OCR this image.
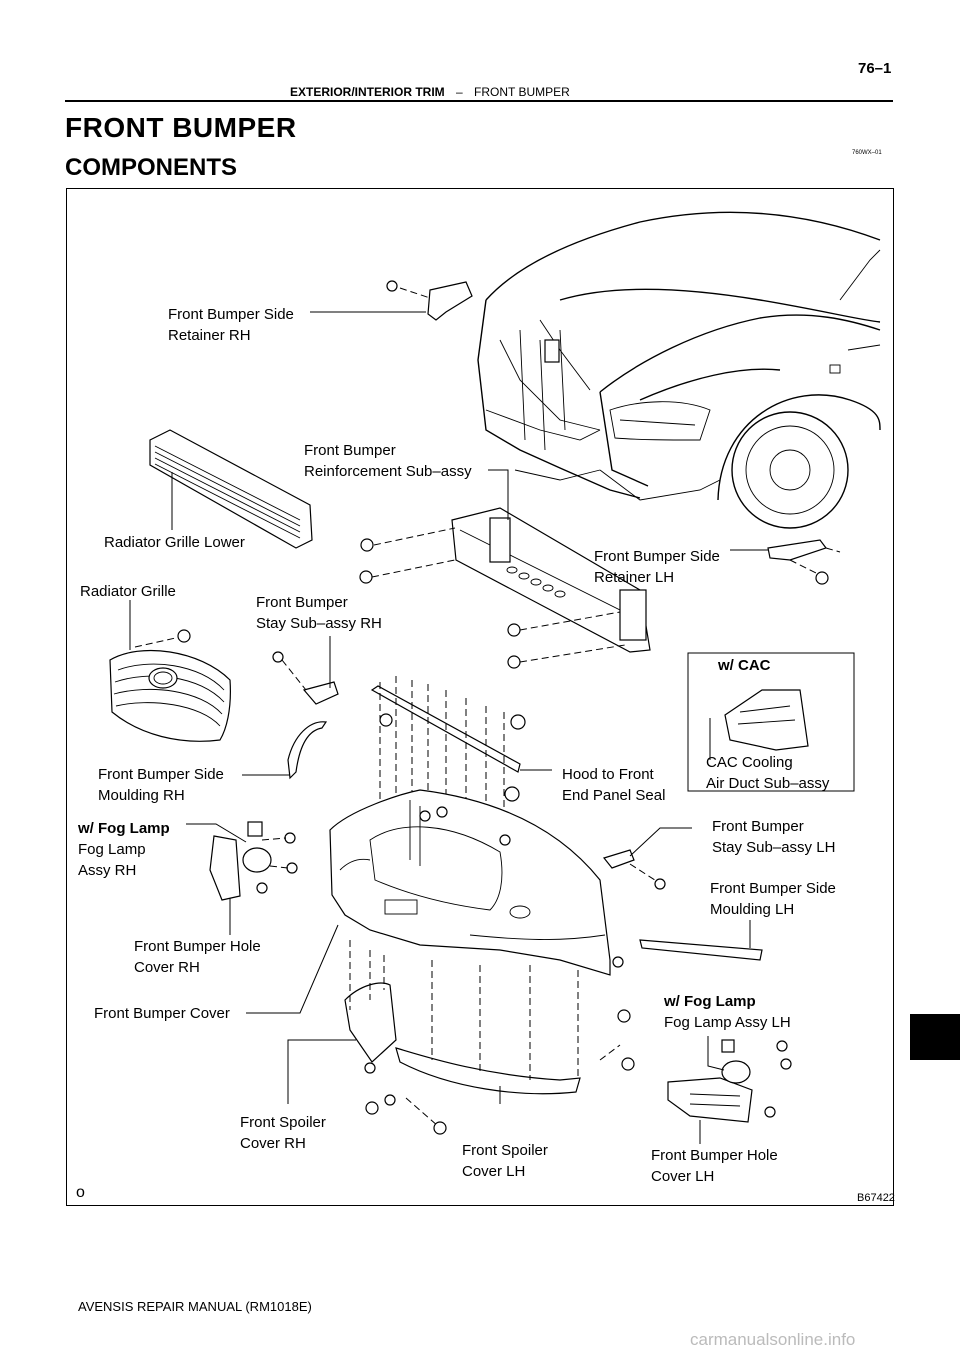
EXTERIOR/INTERIOR TRIM – FRONT BUMPER
76–1
FRONT BUMPER
COMPONENTS
760WX–01
Front Bumper Side
Retainer RH
Front Bumper
Reinforcement Sub–assy
Radiator Grille Lower
Front Bumper Side
Retainer LH
Radiator Grille
Front Bumper
Stay Sub–assy RH
w/ CAC
CAC Cooling
Air Duct Sub–assy
Front Bumper Side
Moulding RH
Hood to Front
End Panel Seal
w/ Fog Lamp
Fog Lamp
Assy RH
Front Bumper
Stay Sub–assy LH
Front Bumper Side
Moulding LH
Front Bumper Hole
Cover RH
w/ Fog Lamp
Fog Lamp Assy LH
Front Bumper Cover
Front Spoiler
Cover RH	Front Spoiler
Cover LH
Front Bumper Hole
Cover LH
o	B67422
AVENSIS REPAIR MANUAL (RM1018E)
carmanualsonline.info
